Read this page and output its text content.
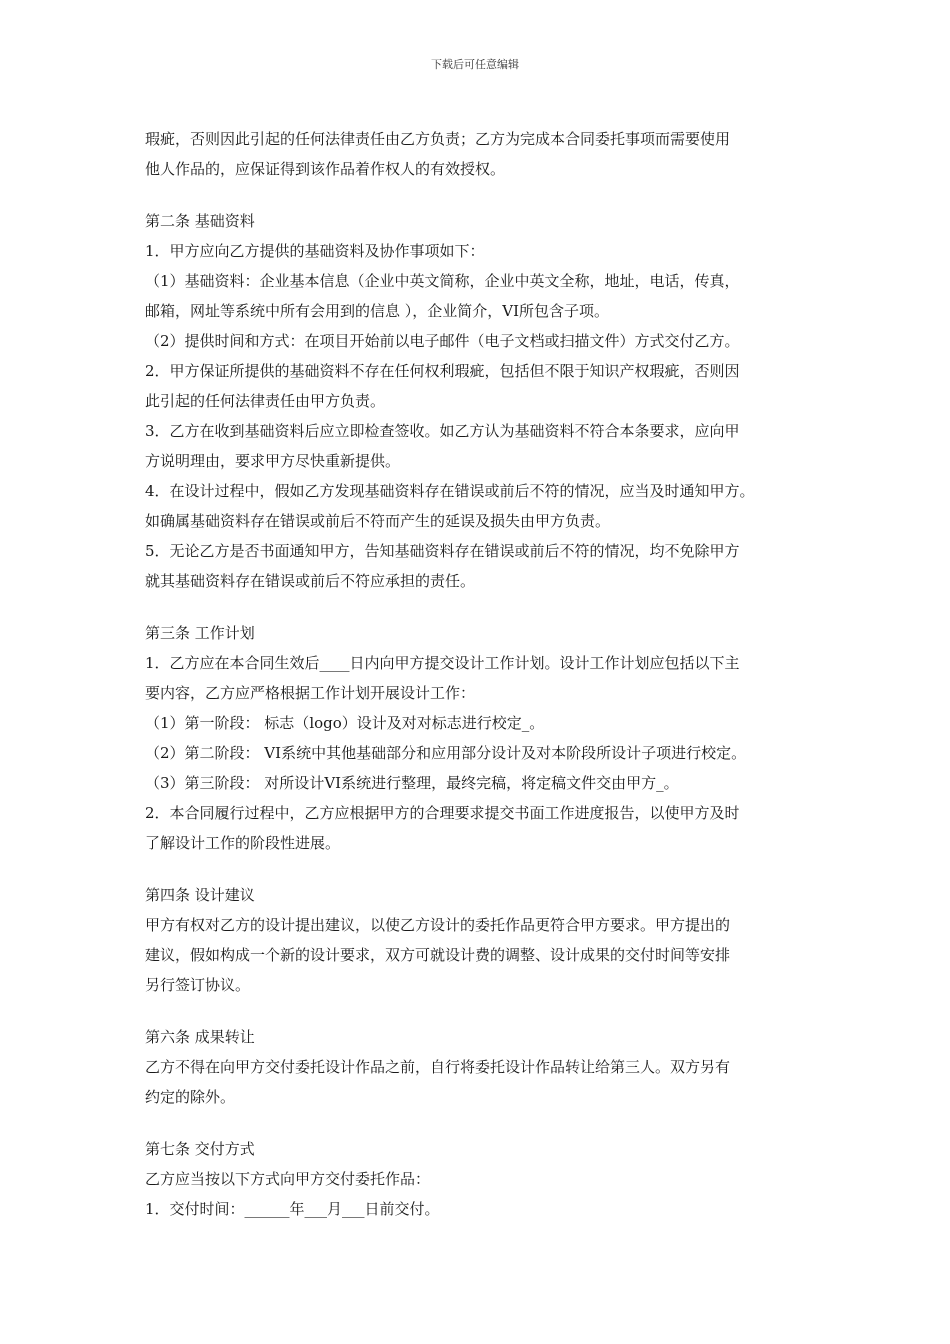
下载后可任意编辑
瑕疵，否则因此引起的任何法律责任由乙方负责；乙方为完成本合同委托事项而需要使用
他人作品的，应保证得到该作品着作权人的有效授权。
第二条 基础资料
1．甲方应向乙方提供的基础资料及协作事项如下：
（1）基础资料：企业基本信息（企业中英文简称，企业中英文全称，地址，电话，传真，
邮箱，网址等系统中所有会用到的信息 ），企业简介，VI所包含子项。
（2）提供时间和方式：在项目开始前以电子邮件（电子文档或扫描文件）方式交付乙方。
2．甲方保证所提供的基础资料不存在任何权利瑕疵，包括但不限于知识产权瑕疵，否则因
此引起的任何法律责任由甲方负责。
3．乙方在收到基础资料后应立即检查签收。如乙方认为基础资料不符合本条要求，应向甲
方说明理由，要求甲方尽快重新提供。
4．在设计过程中，假如乙方发现基础资料存在错误或前后不符的情况，应当及时通知甲方。
如确属基础资料存在错误或前后不符而产生的延误及损失由甲方负责。
5．无论乙方是否书面通知甲方，告知基础资料存在错误或前后不符的情况，均不免除甲方
就其基础资料存在错误或前后不符应承担的责任。
第三条 工作计划
1．乙方应在本合同生效后____日内向甲方提交设计工作计划。设计工作计划应包括以下主
要内容，乙方应严格根据工作计划开展设计工作：
（1）第一阶段： 标志（logo）设计及对对标志进行校定_。
（2）第二阶段： VI系统中其他基础部分和应用部分设计及对本阶段所设计子项进行校定。
（3）第三阶段： 对所设计VI系统进行整理，最终完稿，将定稿文件交由甲方_。
2．本合同履行过程中，乙方应根据甲方的合理要求提交书面工作进度报告，以使甲方及时
了解设计工作的阶段性进展。
第四条 设计建议
甲方有权对乙方的设计提出建议，以使乙方设计的委托作品更符合甲方要求。甲方提出的
建议，假如构成一个新的设计要求，双方可就设计费的调整、设计成果的交付时间等安排
另行签订协议。
第六条 成果转让
乙方不得在向甲方交付委托设计作品之前，自行将委托设计作品转让给第三人。双方另有
约定的除外。
第七条 交付方式
乙方应当按以下方式向甲方交付委托作品：
1．交付时间：______年___月___日前交付。
